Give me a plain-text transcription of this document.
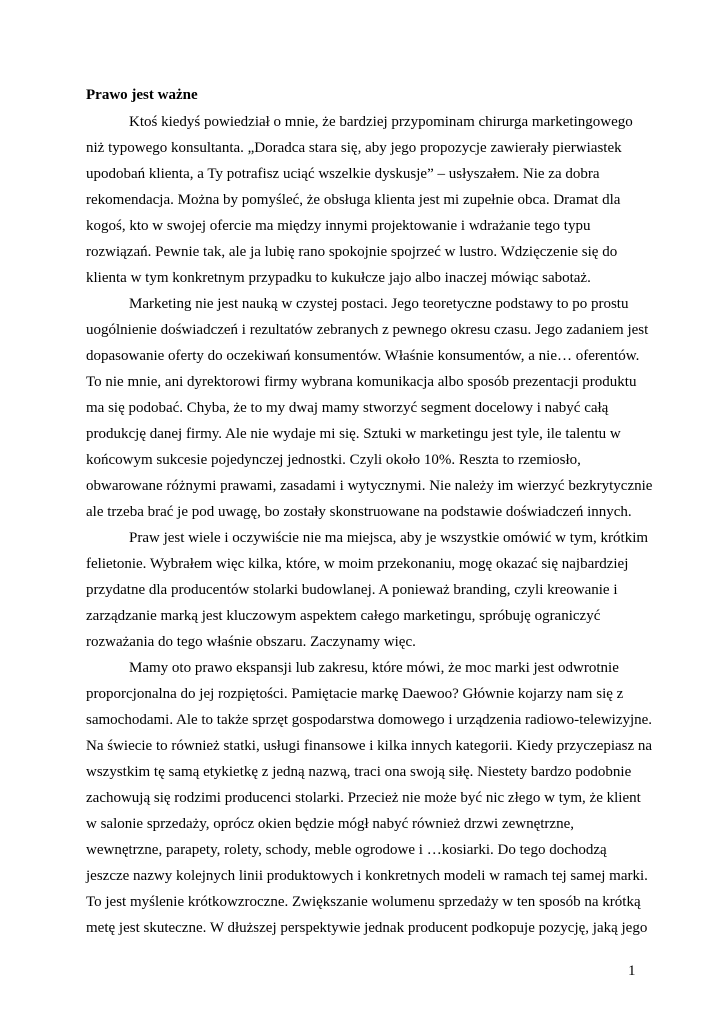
Prawo jest ważne
Ktoś kiedyś powiedział o mnie, że bardziej przypominam chirurga marketingowego
niż typowego konsultanta. „Doradca stara się, aby jego propozycje zawierały pierwiastek
upodobań klienta, a Ty potrafisz uciąć wszelkie dyskusje” – usłyszałem. Nie za dobra
rekomendacja. Można by pomyśleć, że obsługa klienta jest mi zupełnie obca. Dramat dla
kogoś, kto w swojej ofercie ma między innymi projektowanie i wdrażanie tego typu
rozwiązań. Pewnie tak, ale ja lubię rano spokojnie spojrzeć w lustro. Wdzięczenie się do
klienta w tym konkretnym przypadku to kukułcze jajo albo inaczej mówiąc sabotaż.
Marketing nie jest nauką w czystej postaci. Jego teoretyczne podstawy to po prostu
uogólnienie doświadczeń i rezultatów zebranych z pewnego okresu czasu. Jego zadaniem jest
dopasowanie oferty do oczekiwań konsumentów. Właśnie konsumentów, a nie… oferentów.
To nie mnie, ani dyrektorowi firmy wybrana komunikacja albo sposób prezentacji produktu
ma się podobać. Chyba, że to my dwaj mamy stworzyć segment docelowy i nabyć całą
produkcję danej firmy. Ale nie wydaje mi się. Sztuki w marketingu jest tyle, ile talentu w
końcowym sukcesie pojedynczej jednostki. Czyli około 10%. Reszta to rzemiosło,
obwarowane różnymi prawami, zasadami i wytycznymi. Nie należy im wierzyć bezkrytycznie
ale trzeba brać je pod uwagę, bo zostały skonstruowane na podstawie doświadczeń innych.
Praw jest wiele i oczywiście nie ma miejsca, aby je wszystkie omówić w tym, krótkim
felietonie. Wybrałem więc kilka, które, w moim przekonaniu, mogę okazać się najbardziej
przydatne dla producentów stolarki budowlanej. A ponieważ branding, czyli kreowanie i
zarządzanie marką jest kluczowym aspektem całego marketingu, spróbuję ograniczyć
rozważania do tego właśnie obszaru. Zaczynamy więc.
Mamy oto prawo ekspansji lub zakresu, które mówi, że moc marki jest odwrotnie
proporcjonalna do jej rozpiętości. Pamiętacie markę Daewoo? Głównie kojarzy nam się z
samochodami. Ale to także sprzęt gospodarstwa domowego i urządzenia radiowo-telewizyjne.
Na świecie to również statki, usługi finansowe i kilka innych kategorii. Kiedy przyczepiasz na
wszystkim tę samą etykietkę z jedną nazwą, traci ona swoją siłę. Niestety bardzo podobnie
zachowują się rodzimi producenci stolarki. Przecież nie może być nic złego w tym, że klient
w salonie sprzedaży, oprócz okien będzie mógł nabyć również drzwi zewnętrzne,
wewnętrzne, parapety, rolety, schody, meble ogrodowe i …kosiarki. Do tego dochodzą
jeszcze nazwy kolejnych linii produktowych i konkretnych modeli w ramach tej samej marki.
To jest myślenie krótkowzroczne. Zwiększanie wolumenu sprzedaży w ten sposób na krótką
metę jest skuteczne. W dłuższej perspektywie jednak producent podkopuje pozycję, jaką jego
1
